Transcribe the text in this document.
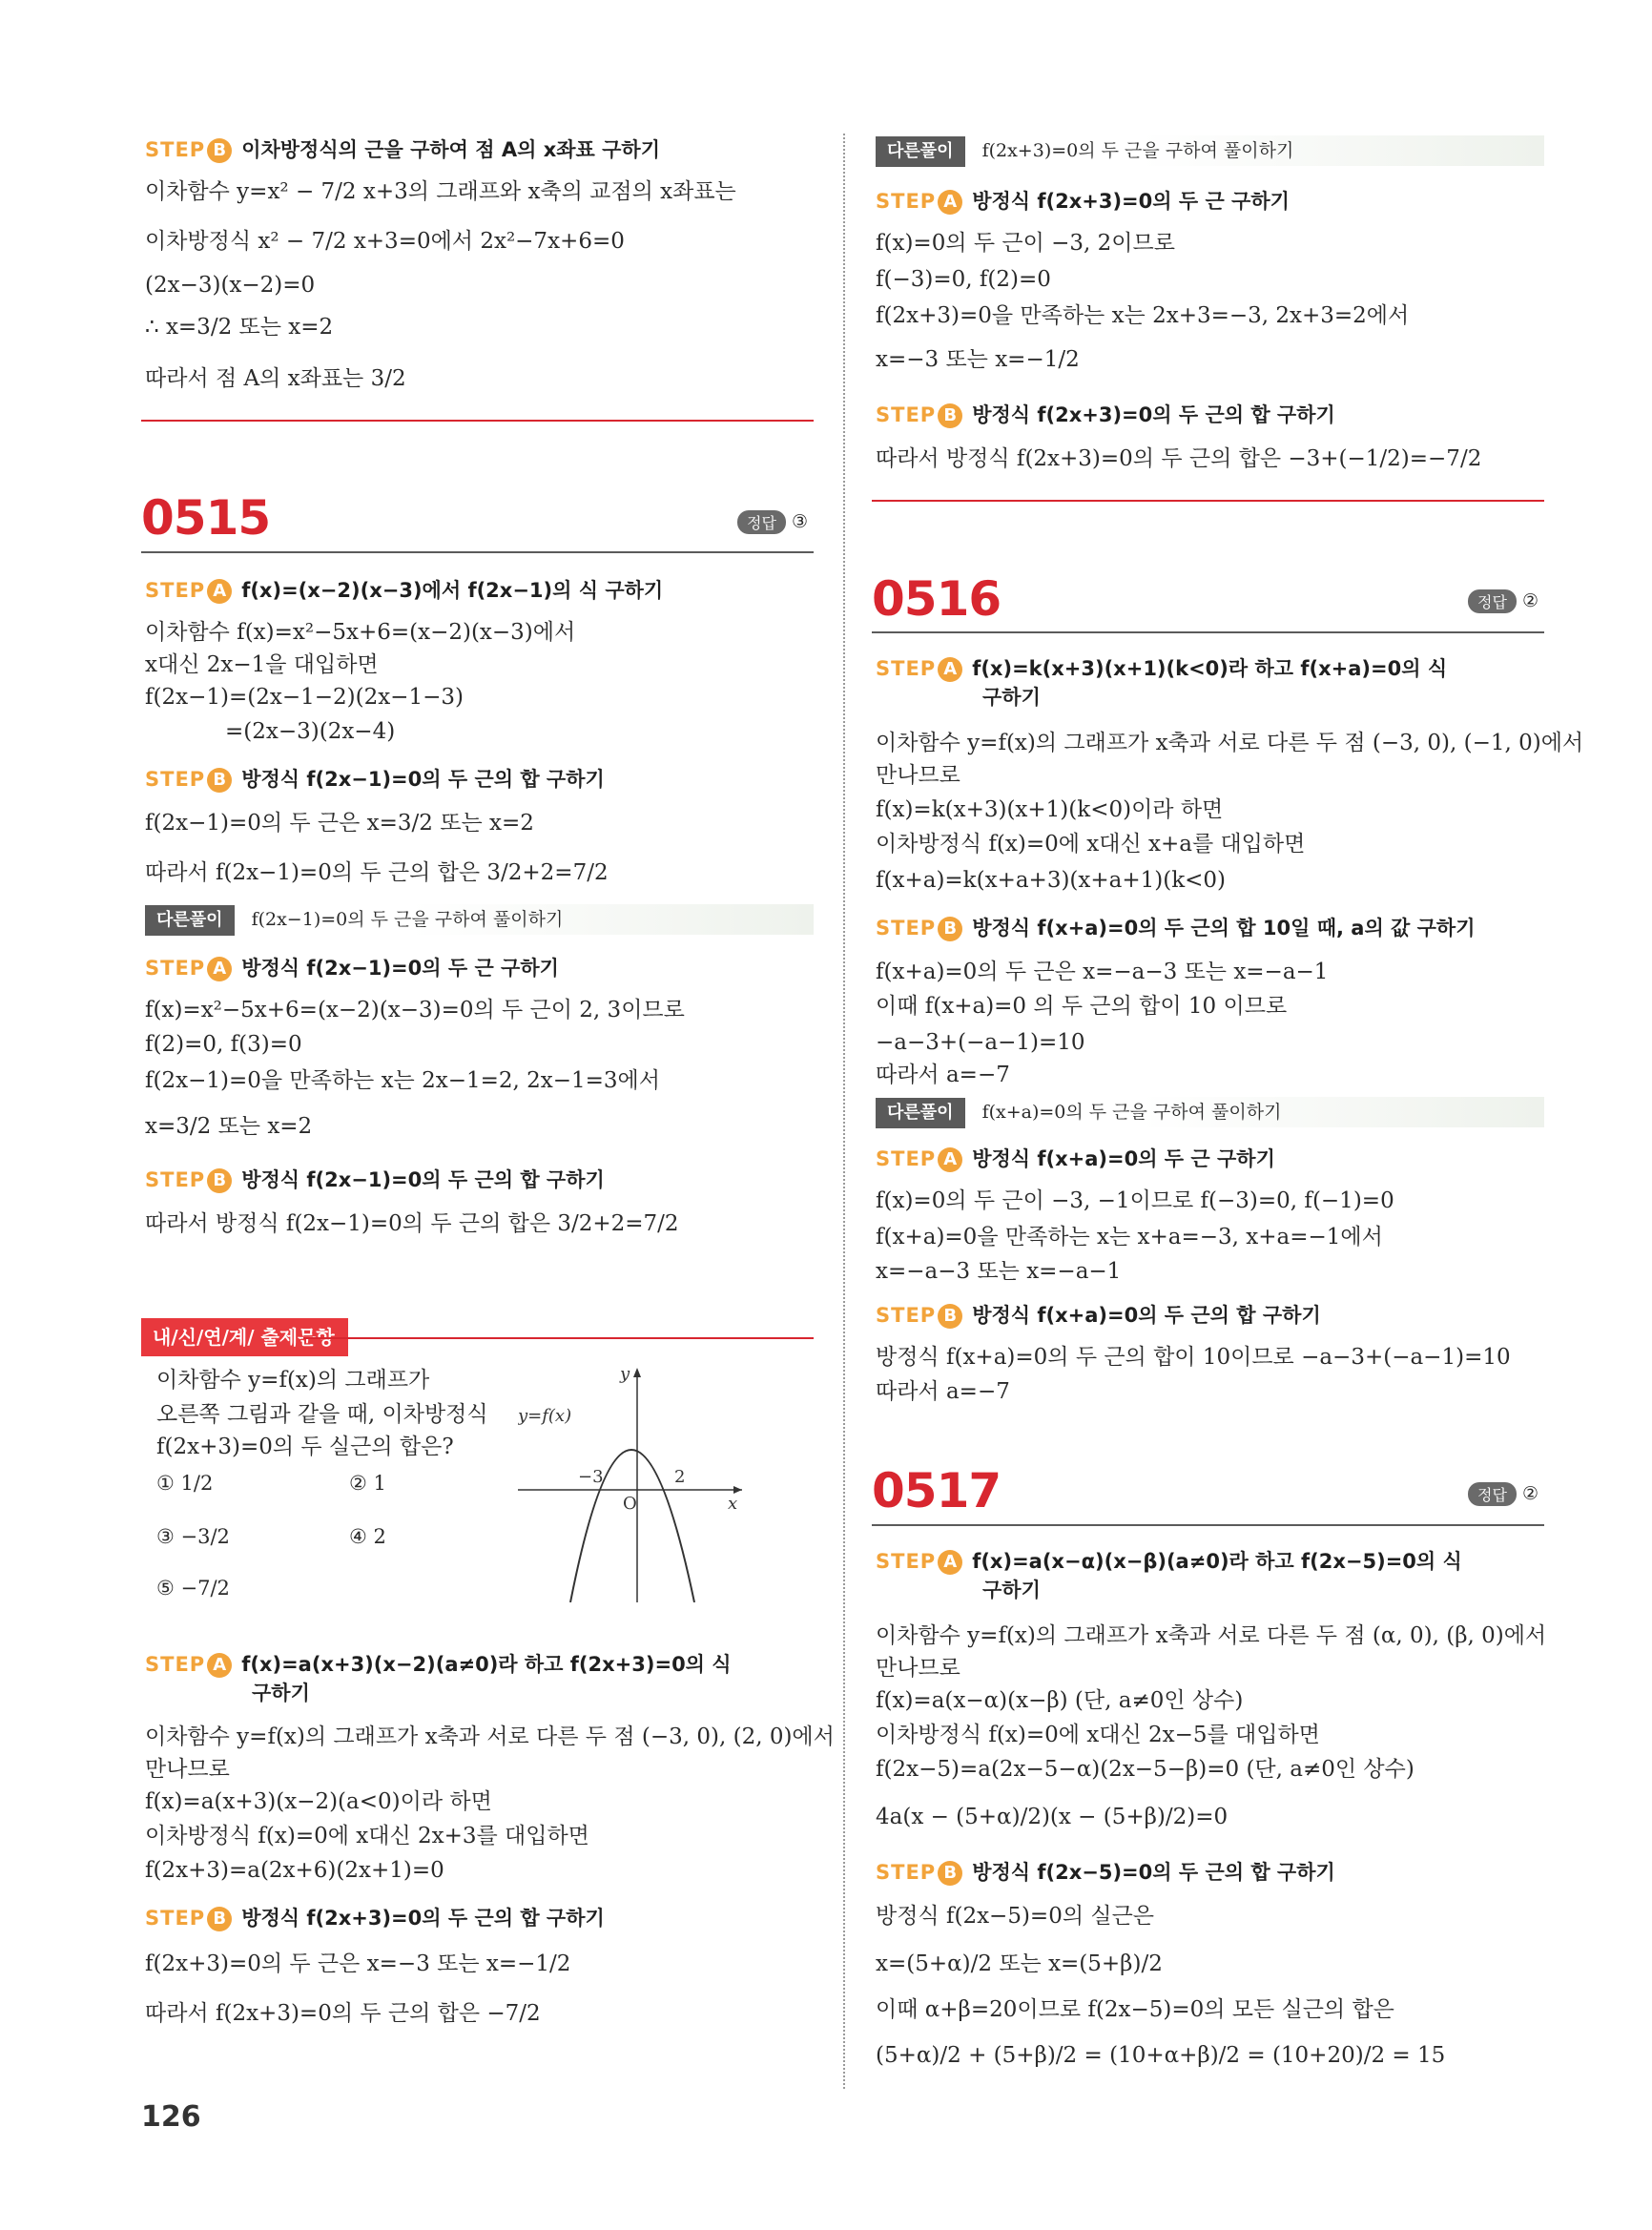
STEP B 이차방정식의 근을 구하여 점 A의 x좌표 구하기
이차함수 y=x² − 7/2 x+3의 그래프와 x축의 교점의 x좌표는
이차방정식 x² − 7/2 x+3=0에서 2x²−7x+6=0
(2x−3)(x−2)=0
∴ x=3/2 또는 x=2
따라서 점 A의 x좌표는 3/2
0515	정답 ③
STEP A f(x)=(x−2)(x−3)에서 f(2x−1)의 식 구하기
이차함수 f(x)=x²−5x+6=(x−2)(x−3)에서
x대신 2x−1을 대입하면
f(2x−1)=(2x−1−2)(2x−1−3)
=(2x−3)(2x−4)
STEP B 방정식 f(2x−1)=0의 두 근의 합 구하기
f(2x−1)=0의 두 근은 x=3/2 또는 x=2
따라서 f(2x−1)=0의 두 근의 합은 3/2+2=7/2
다른풀이 f(2x−1)=0의 두 근을 구하여 풀이하기
STEP A 방정식 f(2x−1)=0의 두 근 구하기
f(x)=x²−5x+6=(x−2)(x−3)=0의 두 근이 2, 3이므로
f(2)=0, f(3)=0
f(2x−1)=0을 만족하는 x는 2x−1=2, 2x−1=3에서
x=3/2 또는 x=2
STEP B 방정식 f(2x−1)=0의 두 근의 합 구하기
따라서 방정식 f(2x−1)=0의 두 근의 합은 3/2+2=7/2
내/신/연/계/ 출제문항
이차함수 y=f(x)의 그래프가
오른쪽 그림과 같을 때, 이차방정식
f(2x+3)=0의 두 실근의 합은?
① 1/2	② 1
③ −3/2	④ 2
⑤ −7/2
y=f(x)
−3	2
O	x
y
STEP A f(x)=a(x+3)(x−2)(a≠0)라 하고 f(2x+3)=0의 식
구하기
이차함수 y=f(x)의 그래프가 x축과 서로 다른 두 점 (−3, 0), (2, 0)에서
만나므로
f(x)=a(x+3)(x−2)(a<0)이라 하면
이차방정식 f(x)=0에 x대신 2x+3를 대입하면
f(2x+3)=a(2x+6)(2x+1)=0
STEP B 방정식 f(2x+3)=0의 두 근의 합 구하기
f(2x+3)=0의 두 근은 x=−3 또는 x=−1/2
따라서 f(2x+3)=0의 두 근의 합은 −7/2
다른풀이 f(2x+3)=0의 두 근을 구하여 풀이하기
STEP A 방정식 f(2x+3)=0의 두 근 구하기
f(x)=0의 두 근이 −3, 2이므로
f(−3)=0, f(2)=0
f(2x+3)=0을 만족하는 x는 2x+3=−3, 2x+3=2에서
x=−3 또는 x=−1/2
STEP B 방정식 f(2x+3)=0의 두 근의 합 구하기
따라서 방정식 f(2x+3)=0의 두 근의 합은 −3+(−1/2)=−7/2
0516	정답 ②
STEP A f(x)=k(x+3)(x+1)(k<0)라 하고 f(x+a)=0의 식
구하기
이차함수 y=f(x)의 그래프가 x축과 서로 다른 두 점 (−3, 0), (−1, 0)에서
만나므로
f(x)=k(x+3)(x+1)(k<0)이라 하면
이차방정식 f(x)=0에 x대신 x+a를 대입하면
f(x+a)=k(x+a+3)(x+a+1)(k<0)
STEP B 방정식 f(x+a)=0의 두 근의 합 10일 때, a의 값 구하기
f(x+a)=0의 두 근은 x=−a−3 또는 x=−a−1
이때 f(x+a)=0 의 두 근의 합이 10 이므로
−a−3+(−a−1)=10
따라서 a=−7
다른풀이 f(x+a)=0의 두 근을 구하여 풀이하기
STEP A 방정식 f(x+a)=0의 두 근 구하기
f(x)=0의 두 근이 −3, −1이므로 f(−3)=0, f(−1)=0
f(x+a)=0을 만족하는 x는 x+a=−3, x+a=−1에서
x=−a−3 또는 x=−a−1
STEP B 방정식 f(x+a)=0의 두 근의 합 구하기
방정식 f(x+a)=0의 두 근의 합이 10이므로 −a−3+(−a−1)=10
따라서 a=−7
0517	정답 ②
STEP A f(x)=a(x−α)(x−β)(a≠0)라 하고 f(2x−5)=0의 식
구하기
이차함수 y=f(x)의 그래프가 x축과 서로 다른 두 점 (α, 0), (β, 0)에서
만나므로
f(x)=a(x−α)(x−β) (단, a≠0인 상수)
이차방정식 f(x)=0에 x대신 2x−5를 대입하면
f(2x−5)=a(2x−5−α)(2x−5−β)=0 (단, a≠0인 상수)
4a(x − (5+α)/2)(x − (5+β)/2)=0
STEP B 방정식 f(2x−5)=0의 두 근의 합 구하기
방정식 f(2x−5)=0의 실근은
x=(5+α)/2 또는 x=(5+β)/2
이때 α+β=20이므로 f(2x−5)=0의 모든 실근의 합은
(5+α)/2 + (5+β)/2 = (10+α+β)/2 = (10+20)/2 = 15
126
